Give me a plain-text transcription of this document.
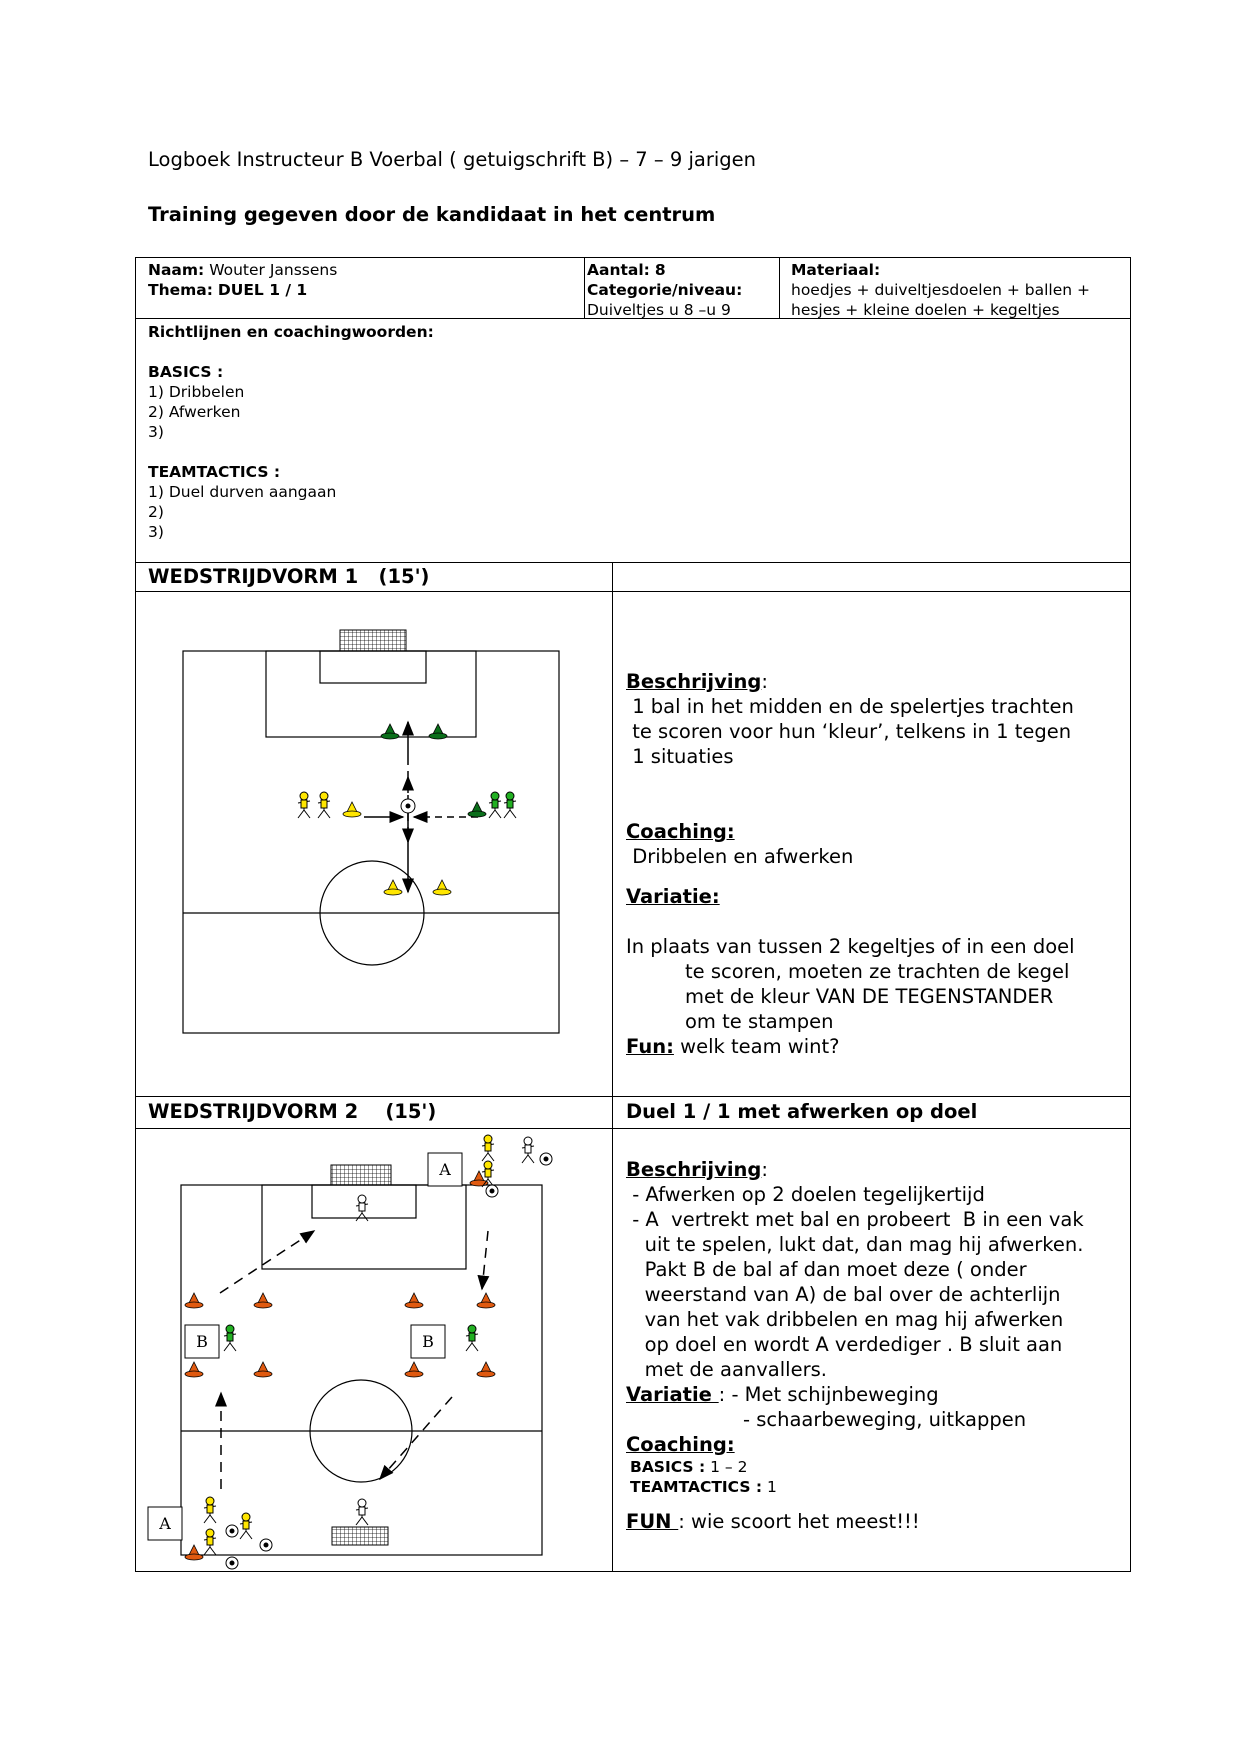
Logboek Instructeur B Voerbal ( getuigschrift B) – 7 – 9 jarigen
Training gegeven door de kandidaat in het centrum
Naam: Wouter Janssens
Thema: DUEL 1 / 1
Aantal: 8
Categorie/niveau:
Duiveltjes u 8 –u 9
Materiaal:
hoedjes + duiveltjesdoelen + ballen +
hesjes + kleine doelen + kegeltjes
Richtlijnen en coachingwoorden:
BASICS :
1) Dribbelen
2) Afwerken
3)
TEAMTACTICS :
1) Duel durven aangaan
2)
3)
WEDSTRIJDVORM 1   (15')
Beschrijving:
1 bal in het midden en de spelertjes trachten
te scoren voor hun ‘kleur’, telkens in 1 tegen
1 situaties
Coaching:
Dribbelen en afwerken
Variatie:
In plaats van tussen 2 kegeltjes of in een doel
te scoren, moeten ze trachten de kegel
met de kleur VAN DE TEGENSTANDER
om te stampen
Fun: welk team wint?
WEDSTRIJDVORM 2    (15')	Duel 1 / 1 met afwerken op doel
A
A
B	B
Beschrijving:
- Afwerken op 2 doelen tegelijkertijd
- A  vertrekt met bal en probeert  B in een vak
uit te spelen, lukt dat, dan mag hij afwerken.
Pakt B de bal af dan moet deze ( onder
weerstand van A) de bal over de achterlijn
van het vak dribbelen en mag hij afwerken
op doel en wordt A verdediger . B sluit aan
met de aanvallers.
Variatie : - Met schijnbeweging
- schaarbeweging, uitkappen
Coaching:
BASICS : 1 – 2
TEAMTACTICS : 1
FUN : wie scoort het meest!!!
